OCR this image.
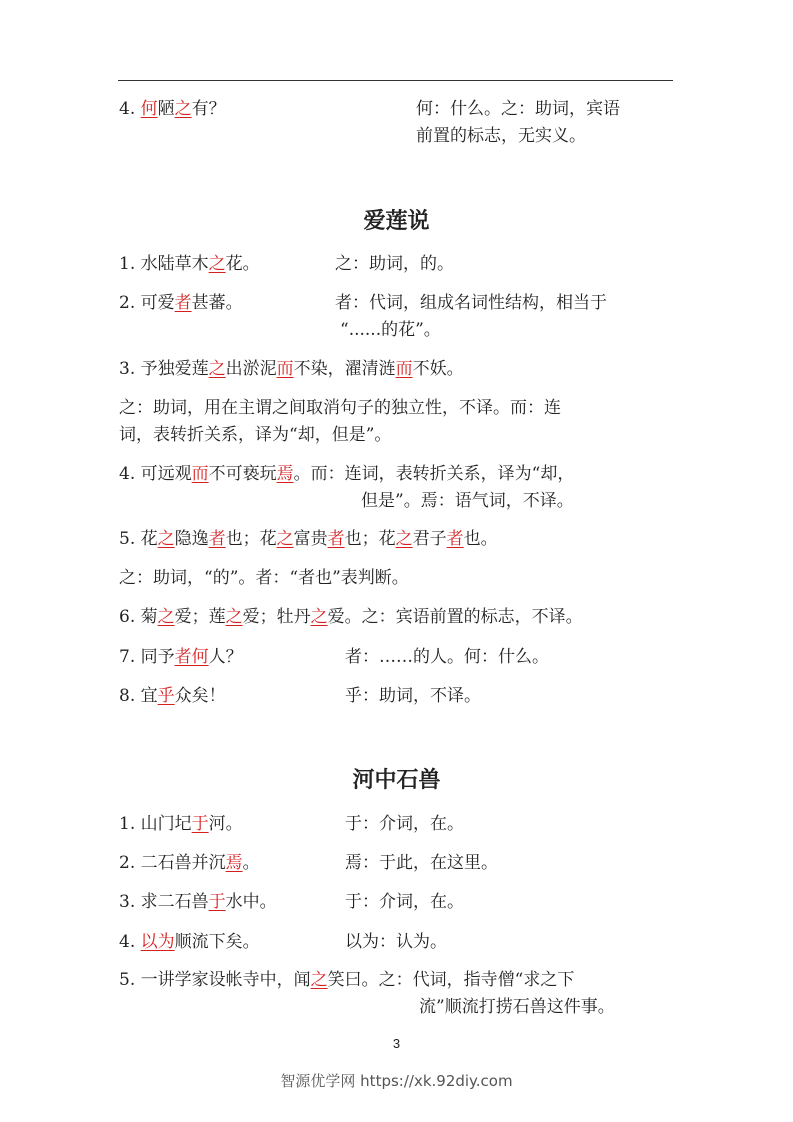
4. 何陋之有？	何：什么。之：助词，宾语
前置的标志，无实义。
爱莲说
1. 水陆草木之花。	之：助词，的。
2. 可爱者甚蕃。	者：代词，组成名词性结构，相当于
“......的花”。
3. 予独爱莲之出淤泥而不染，濯清涟而不妖。
之：助词，用在主谓之间取消句子的独立性，不译。而：连
词，表转折关系，译为“却，但是”。
4. 可远观而不可亵玩焉。而：连词，表转折关系，译为“却，
但是”。焉：语气词，不译。
5. 花之隐逸者也；花之富贵者也；花之君子者也。
之：助词，“的”。者：“者也”表判断。
6. 菊之爱；莲之爱；牡丹之爱。之：宾语前置的标志，不译。
7. 同予者何人？	者：……的人。何：什么。
8. 宜乎众矣！	乎：助词，不译。
河中石兽
1. 山门圮于河。	于：介词，在。
2. 二石兽并沉焉。	焉：于此，在这里。
3. 求二石兽于水中。	于：介词，在。
4. 以为顺流下矣。	以为：认为。
5. 一讲学家设帐寺中，闻之笑曰。之：代词，指寺僧“求之下
流”顺流打捞石兽这件事。
3
智源优学网 https://xk.92diy.com
